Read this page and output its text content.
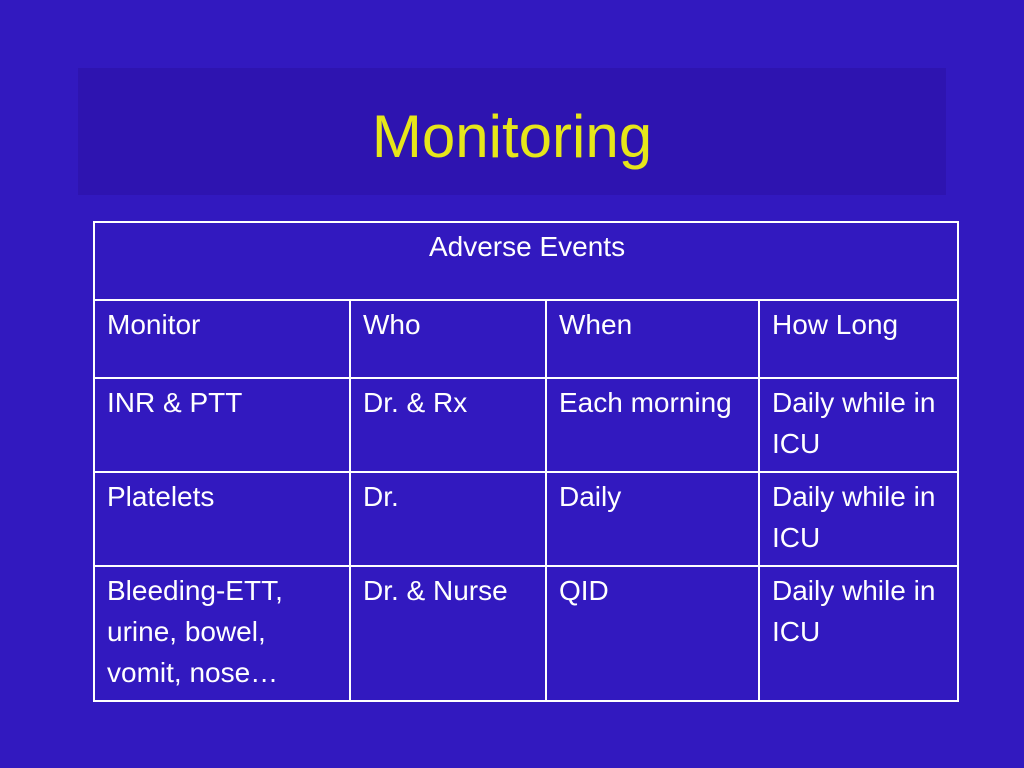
Monitoring
Adverse Events			
Monitor	Who	When	How Long
INR & PTT	Dr. & Rx	Each morning	Daily while in ICU
Platelets	Dr.	Daily	Daily while in ICU
Bleeding-ETT, urine, bowel, vomit, nose…	Dr. & Nurse	QID	Daily while in ICU
